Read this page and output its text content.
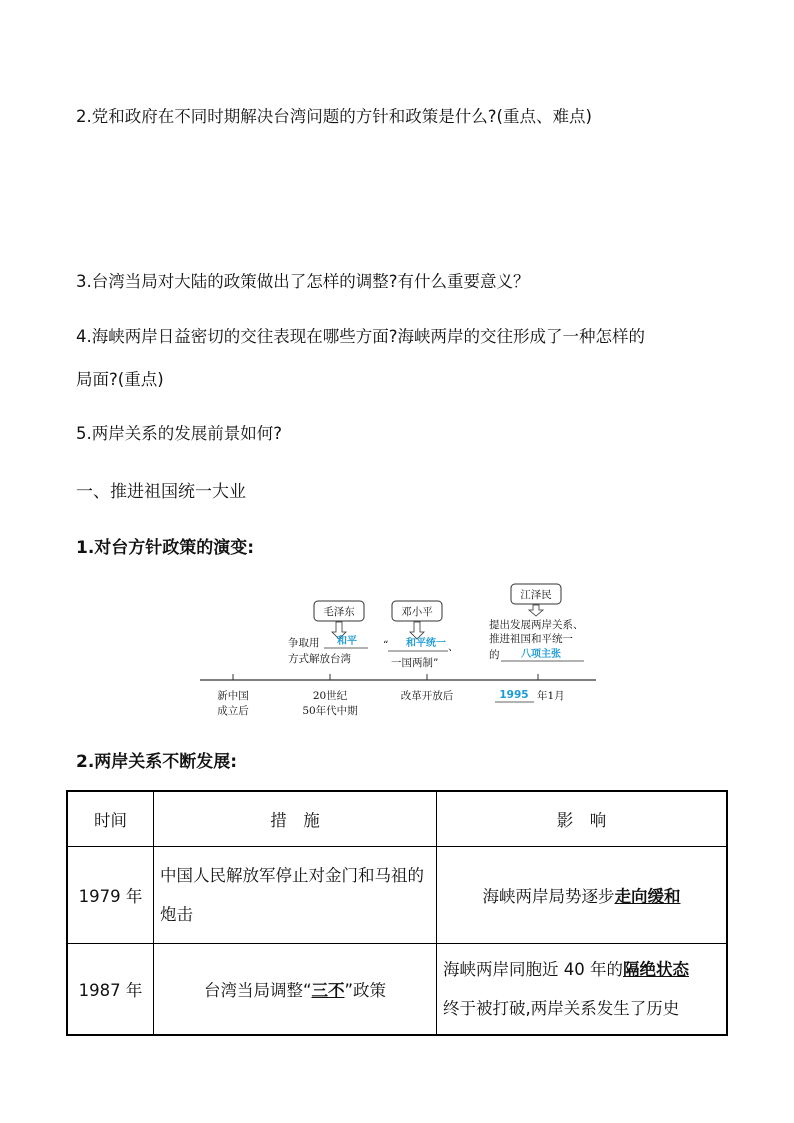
2.党和政府在不同时期解决台湾问题的方针和政策是什么?(重点、难点)

3.台湾当局对大陆的政策做出了怎样的调整?有什么重要意义？

4.海峡两岸日益密切的交往表现在哪些方面?海峡两岸的交往形成了一种怎样的

局面?(重点)

5.两岸关系的发展前景如何?

一、推进祖国统一大业

1.对台方针政策的演变:

毛泽东	邓小平
江泽民
争取用 和平
方式解放台湾
“ 和平统一 、
一国两制”
提出发展两岸关系、
推进祖国和平统一
的 八项主张
新中国
成立后
20世纪
50年代中期
改革开放后	1995 年1月

2.两岸关系不断发展:

时间	措　施	影　响
1979 年	中国人民解放军停止对金门和马祖的炮击	海峡两岸局势逐步走向缓和
1987 年	台湾当局调整“三不”政策	海峡两岸同胞近 40 年的隔绝状态
终于被打破,两岸关系发生了历史
